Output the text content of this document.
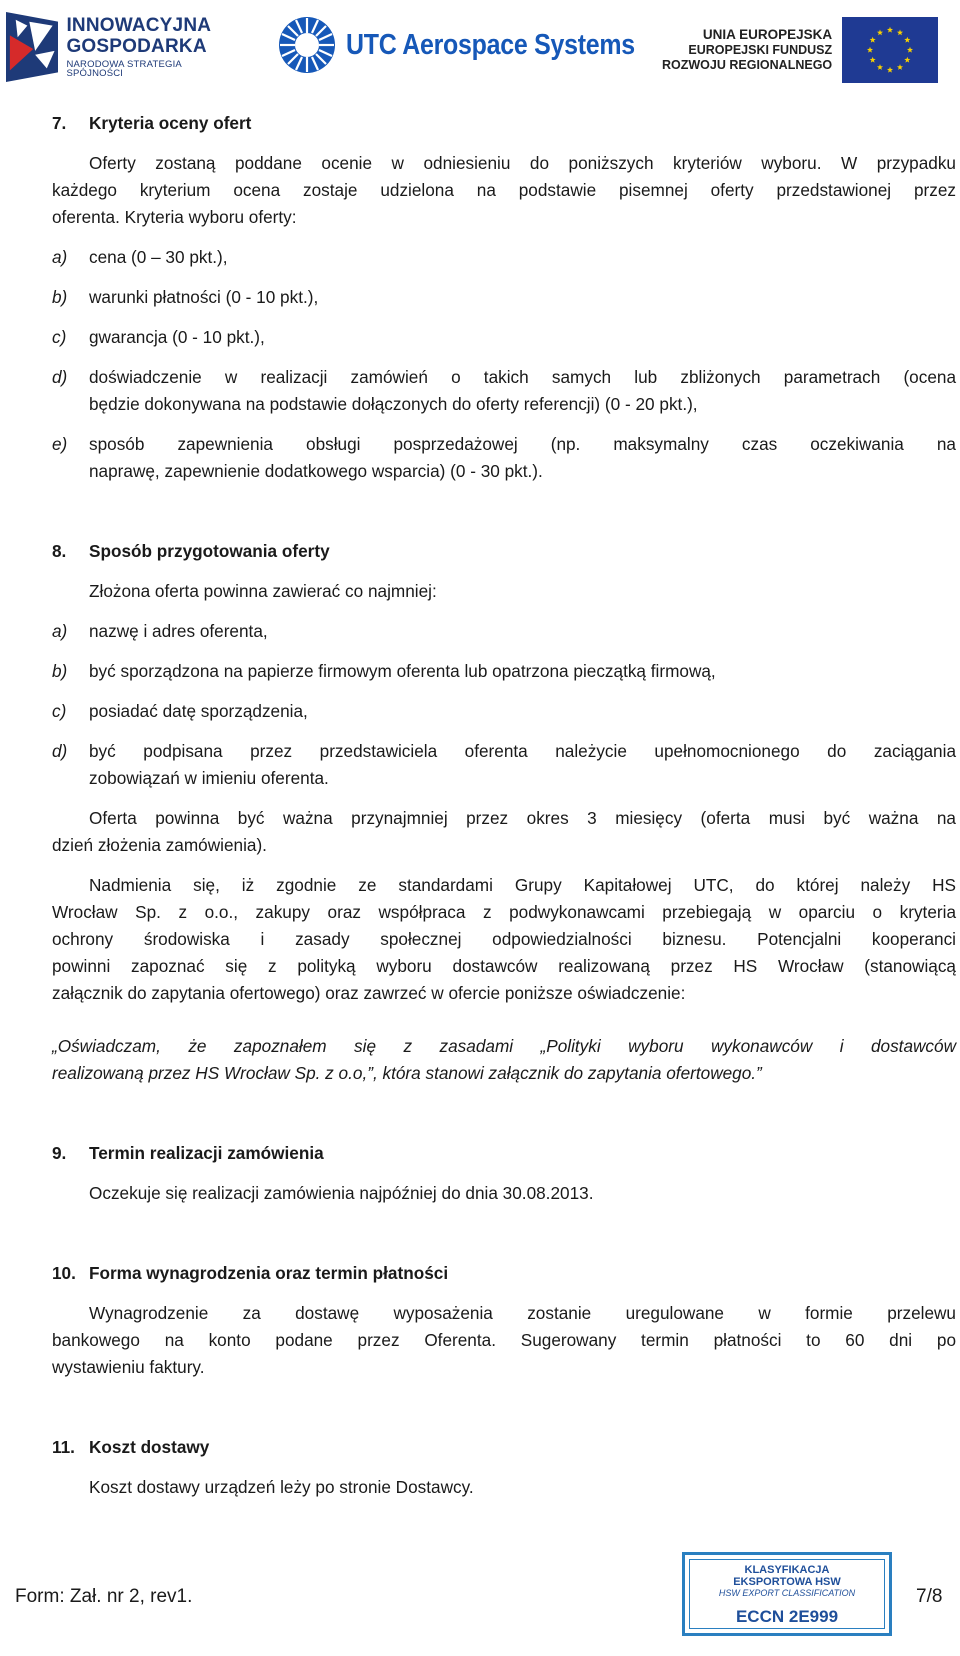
INNOWACYJNA
GOSPODARKA
NARODOWA STRATEGIA SPÓJNOŚCI
UTC Aerospace Systems	UNIA EUROPEJSKA
EUROPEJSKI FUNDUSZ
ROZWOJU REGIONALNEGO
7. Kryteria oceny ofert
Oferty zostaną poddane ocenie w odniesieniu do poniższych kryteriów wyboru. W przypadku
każdego kryterium ocena zostaje udzielona na podstawie pisemnej oferty przedstawionej przez
oferenta. Kryteria wyboru oferty:
a) cena (0 – 30 pkt.),
b) warunki płatności (0 - 10 pkt.),
c) gwarancja (0 - 10 pkt.),
d) doświadczenie w realizacji zamówień o takich samych lub zbliżonych parametrach (ocena
będzie dokonywana na podstawie dołączonych do oferty referencji) (0 - 20 pkt.),
e) sposób zapewnienia obsługi posprzedażowej (np. maksymalny czas oczekiwania na
naprawę, zapewnienie dodatkowego wsparcia) (0 - 30 pkt.).
8. Sposób przygotowania oferty
Złożona oferta powinna zawierać co najmniej:
a) nazwę i adres oferenta,
b) być sporządzona na papierze firmowym oferenta lub opatrzona pieczątką firmową,
c) posiadać datę sporządzenia,
d) być podpisana przez przedstawiciela oferenta należycie upełnomocnionego do zaciągania
zobowiązań w imieniu oferenta.
Oferta powinna być ważna przynajmniej przez okres 3 miesięcy (oferta musi być ważna na
dzień złożenia zamówienia).
Nadmienia się, iż zgodnie ze standardami Grupy Kapitałowej UTC, do której należy HS
Wrocław Sp. z o.o., zakupy oraz współpraca z podwykonawcami przebiegają w oparciu o kryteria
ochrony środowiska i zasady społecznej odpowiedzialności biznesu. Potencjalni kooperanci
powinni zapoznać się z polityką wyboru dostawców realizowaną przez HS Wrocław (stanowiącą
załącznik do zapytania ofertowego) oraz zawrzeć w ofercie poniższe oświadczenie:
„Oświadczam, że zapoznałem się z zasadami „Polityki wyboru wykonawców i dostawców
realizowaną przez HS Wrocław Sp. z o.o,”, która stanowi załącznik do zapytania ofertowego.”
9. Termin realizacji zamówienia
Oczekuje się realizacji zamówienia najpóźniej do dnia 30.08.2013.
10. Forma wynagrodzenia oraz termin płatności
Wynagrodzenie za dostawę wyposażenia zostanie uregulowane w formie przelewu
bankowego na konto podane przez Oferenta. Sugerowany termin płatności to 60 dni po
wystawieniu faktury.
11. Koszt dostawy
Koszt dostawy urządzeń leży po stronie Dostawcy.
Form: Zał. nr 2, rev1.
KLASYFIKACJA
EKSPORTOWA HSW
HSW EXPORT CLASSIFICATION
ECCN 2E999
7/8
